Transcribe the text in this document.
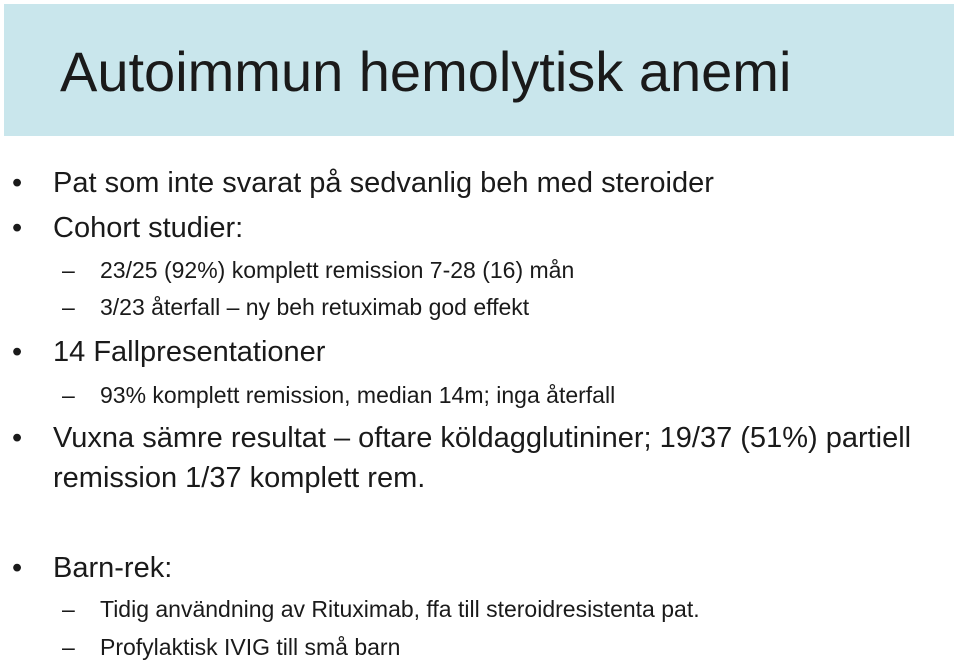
Autoimmun hemolytisk anemi
• Pat som inte svarat på sedvanlig beh med steroider
• Cohort studier:
– 23/25 (92%) komplett remission 7-28 (16) mån
– 3/23 återfall – ny beh retuximab god effekt
• 14 Fallpresentationer
– 93% komplett remission, median 14m; inga återfall
• Vuxna sämre resultat – oftare köldagglutininer; 19/37 (51%) partiell remission 1/37 komplett rem.
• Barn-rek:
– Tidig användning av Rituximab, ffa till steroidresistenta pat.
– Profylaktisk IVIG till små barn
